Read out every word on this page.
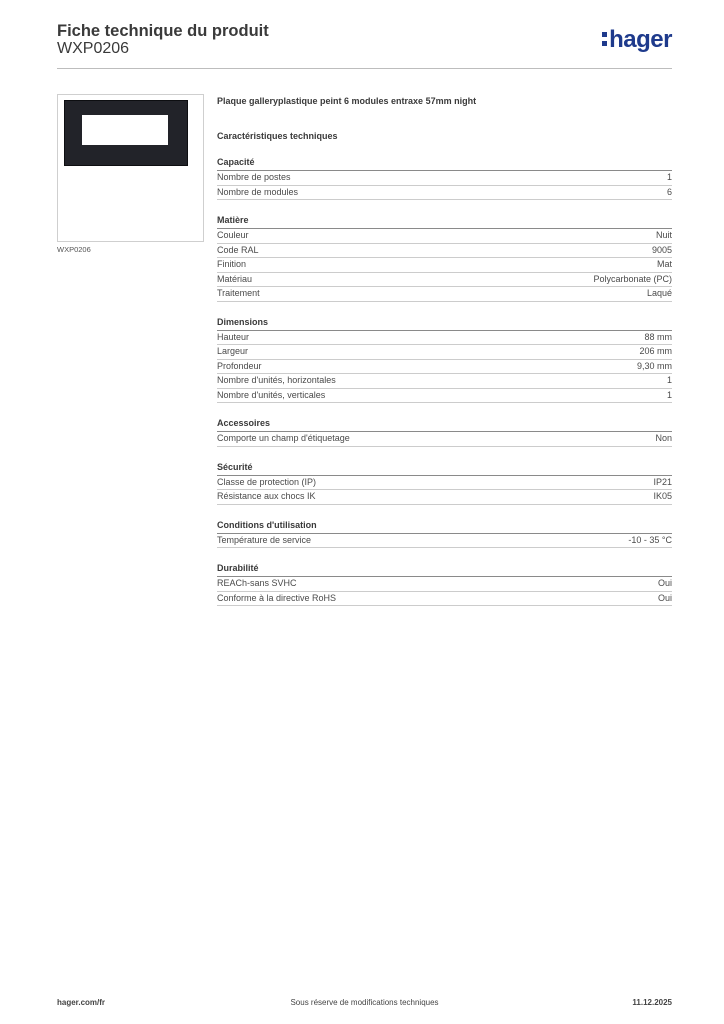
Fiche technique du produit
WXP0206	hager
WXP0206
Plaque galleryplastique peint 6 modules entraxe 57mm night
Caractéristiques techniques
Capacité
Nombre de postes	1
Nombre de modules	6
Matière
Couleur	Nuit
Code RAL	9005
Finition	Mat
Matériau	Polycarbonate (PC)
Traitement	Laqué
Dimensions
Hauteur	88 mm
Largeur	206 mm
Profondeur	9,30 mm
Nombre d'unités, horizontales	1
Nombre d'unités, verticales	1
Accessoires
Comporte un champ d'étiquetage	Non
Sécurité
Classe de protection (IP)	IP21
Résistance aux chocs IK	IK05
Conditions d'utilisation
Température de service	-10 - 35 °C
Durabilité
REACh-sans SVHC	Oui
Conforme à la directive RoHS	Oui
Sous réserve de modifications techniques
hager.com/fr	11.12.2025
